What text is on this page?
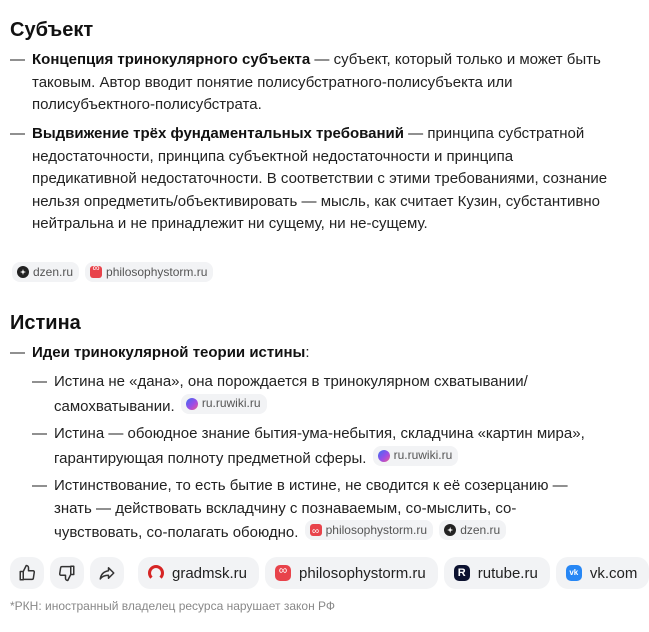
Субъект
— Концепция тринокулярного субъекта — субъект, который только и может быть таковым. Автор вводит понятие полисубстратного-полисубъекта или полисубъектного-полисубстрата.
— Выдвижение трёх фундаментальных требований — принципа субстратной недостаточности, принципа субъектной недостаточности и принципа предикативной недостаточности. В соответствии с этими требованиями, сознание нельзя опредметить/объективировать — мысль, как считает Кузин, субстантивно нейтральна и не принадлежит ни сущему, ни не-сущему.
dzen.ru ∞	philosophystorm.ru
Истина
— Идеи тринокулярной теории истины:
— Истина не «дана», она порождается в тринокулярном схватывании/самохватывании. ru.ruwiki.ru
— Истина — обоюдное знание бытия-ума-небытия, складчина «картин мира», гарантирующая полноту предметной сферы. ru.ruwiki.ru
— Истинствование, то есть бытие в истине, не сводится к её созерцанию — знать — действовать вскладчину с познаваемым, со-мыслить, со-чувствовать, со-полагать обоюдно. ∞ philosophystorm.ru
	dzen.ru
gradmsk.ru ∞	philosophystorm.ru R	rutube.ru vk	vk.com
*РКН: иностранный владелец ресурса нарушает закон РФ
